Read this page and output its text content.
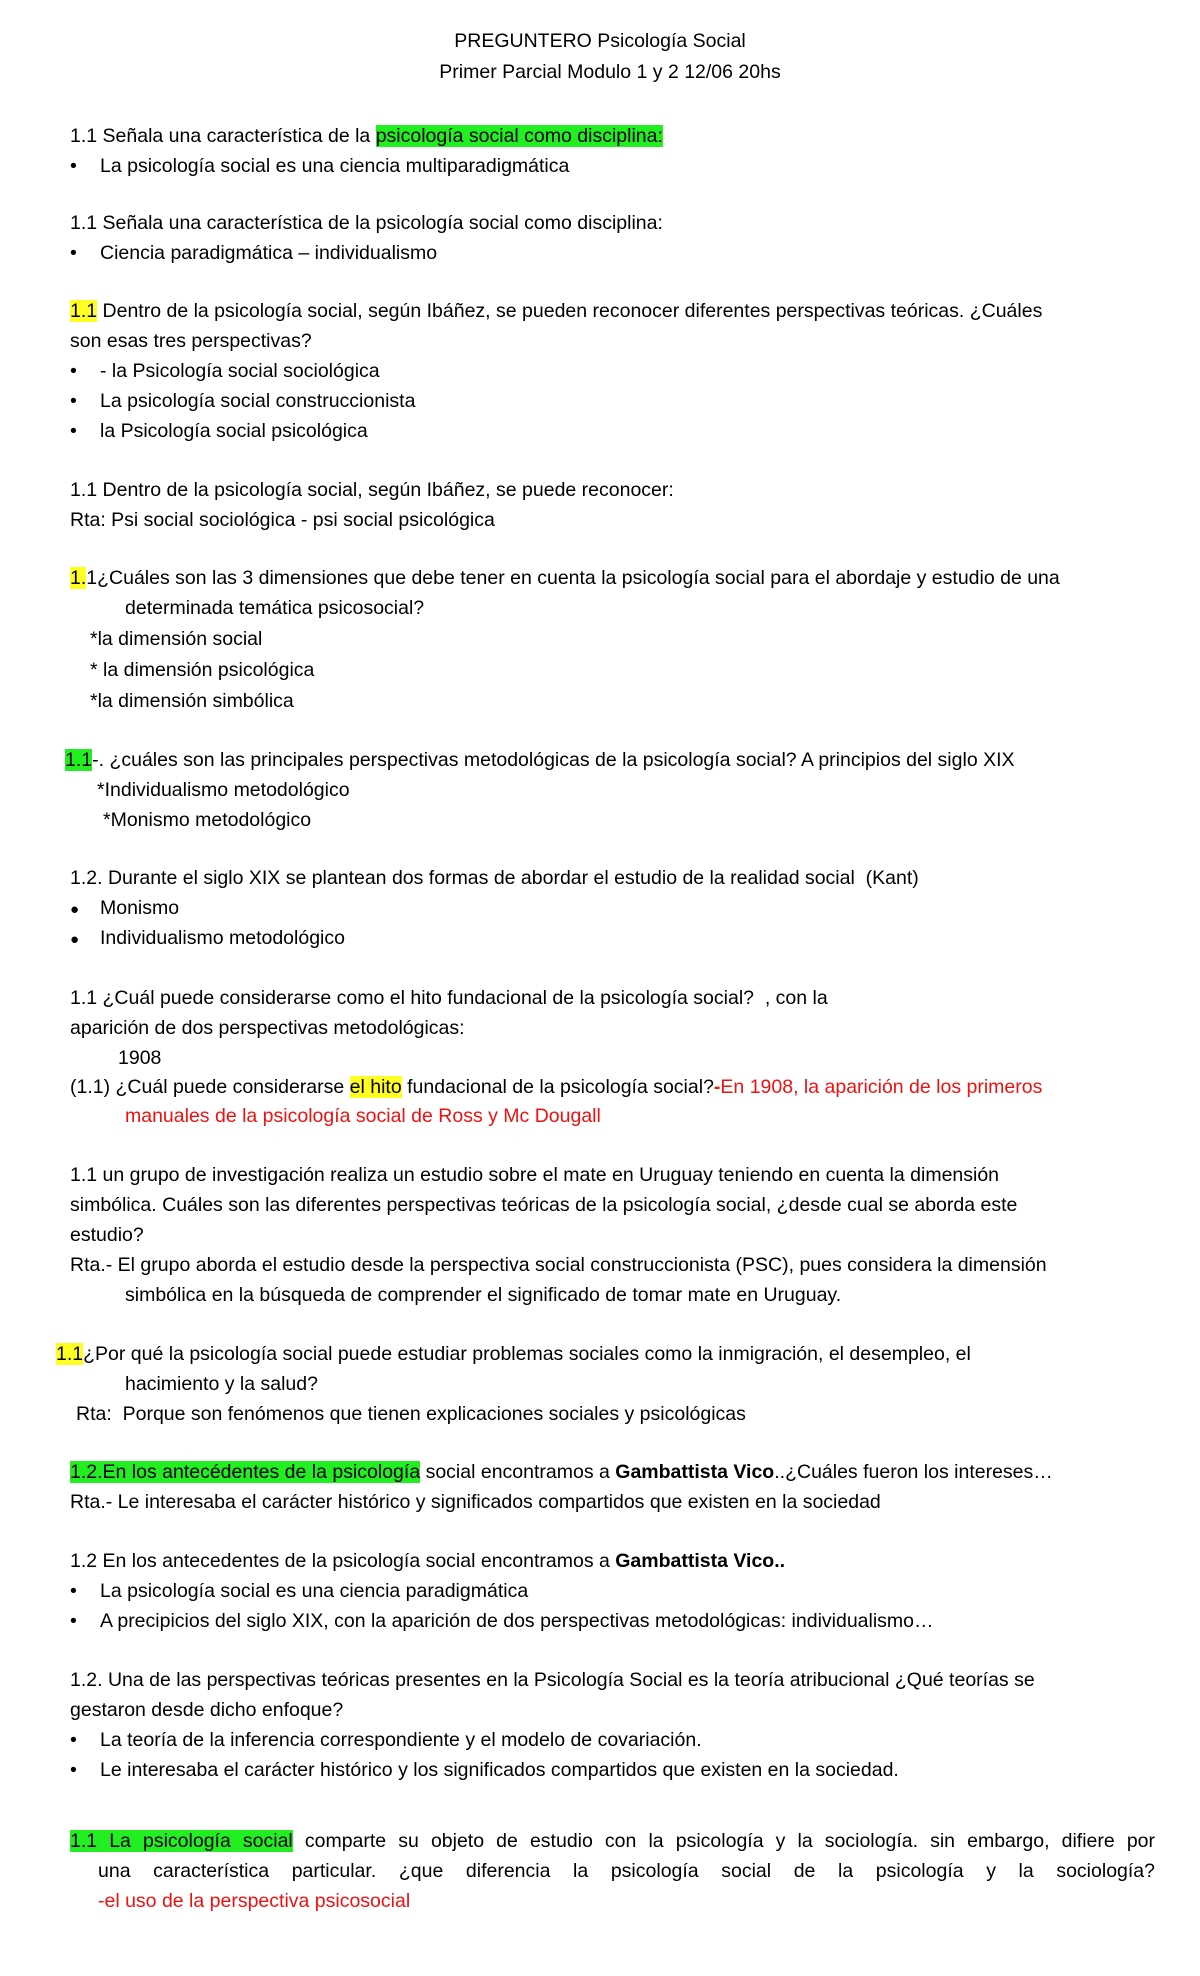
PREGUNTERO Psicología Social
Primer Parcial Modulo 1 y 2 12/06 20hs
1.1 Señala una característica de la psicología social como disciplina:
• La psicología social es una ciencia multiparadigmática
1.1 Señala una característica de la psicología social como disciplina:
• Ciencia paradigmática – individualismo
1.1 Dentro de la psicología social, según Ibáñez, se pueden reconocer diferentes perspectivas teóricas. ¿Cuáles
son esas tres perspectivas?
• - la Psicología social sociológica
• La psicología social construccionista
• la Psicología social psicológica
1.1 Dentro de la psicología social, según Ibáñez, se puede reconocer:
Rta: Psi social sociológica - psi social psicológica
1.1¿Cuáles son las 3 dimensiones que debe tener en cuenta la psicología social para el abordaje y estudio de una
determinada temática psicosocial?
*la dimensión social
* la dimensión psicológica
*la dimensión simbólica
1.1-. ¿cuáles son las principales perspectivas metodológicas de la psicología social? A principios del siglo XIX
*Individualismo metodológico
*Monismo metodológico
1.2. Durante el siglo XIX se plantean dos formas de abordar el estudio de la realidad social  (Kant)
● Monismo
● Individualismo metodológico
1.1 ¿Cuál puede considerarse como el hito fundacional de la psicología social?  , con la
aparición de dos perspectivas metodológicas:
1908
(1.1) ¿Cuál puede considerarse el hito fundacional de la psicología social?-En 1908, la aparición de los primeros
manuales de la psicología social de Ross y Mc Dougall
1.1 un grupo de investigación realiza un estudio sobre el mate en Uruguay teniendo en cuenta la dimensión
simbólica. Cuáles son las diferentes perspectivas teóricas de la psicología social, ¿desde cual se aborda este
estudio?
Rta.- El grupo aborda el estudio desde la perspectiva social construccionista (PSC), pues considera la dimensión
simbólica en la búsqueda de comprender el significado de tomar mate en Uruguay.
1.1¿Por qué la psicología social puede estudiar problemas sociales como la inmigración, el desempleo, el
hacimiento y la salud?
Rta:  Porque son fenómenos que tienen explicaciones sociales y psicológicas
1.2.En los antecédentes de la psicología social encontramos a Gambattista Vico..¿Cuáles fueron los intereses…
Rta.- Le interesaba el carácter histórico y significados compartidos que existen en la sociedad
1.2 En los antecedentes de la psicología social encontramos a Gambattista Vico..
• La psicología social es una ciencia paradigmática
• A precipicios del siglo XIX, con la aparición de dos perspectivas metodológicas: individualismo…
1.2. Una de las perspectivas teóricas presentes en la Psicología Social es la teoría atribucional ¿Qué teorías se
gestaron desde dicho enfoque?
• La teoría de la inferencia correspondiente y el modelo de covariación.
• Le interesaba el carácter histórico y los significados compartidos que existen en la sociedad.
1.1 La psicología social comparte su objeto de estudio con la psicología y la sociología. sin embargo, difiere por
una característica particular. ¿que diferencia la psicología social de la psicología y la sociología?
-el uso de la perspectiva psicosocial
